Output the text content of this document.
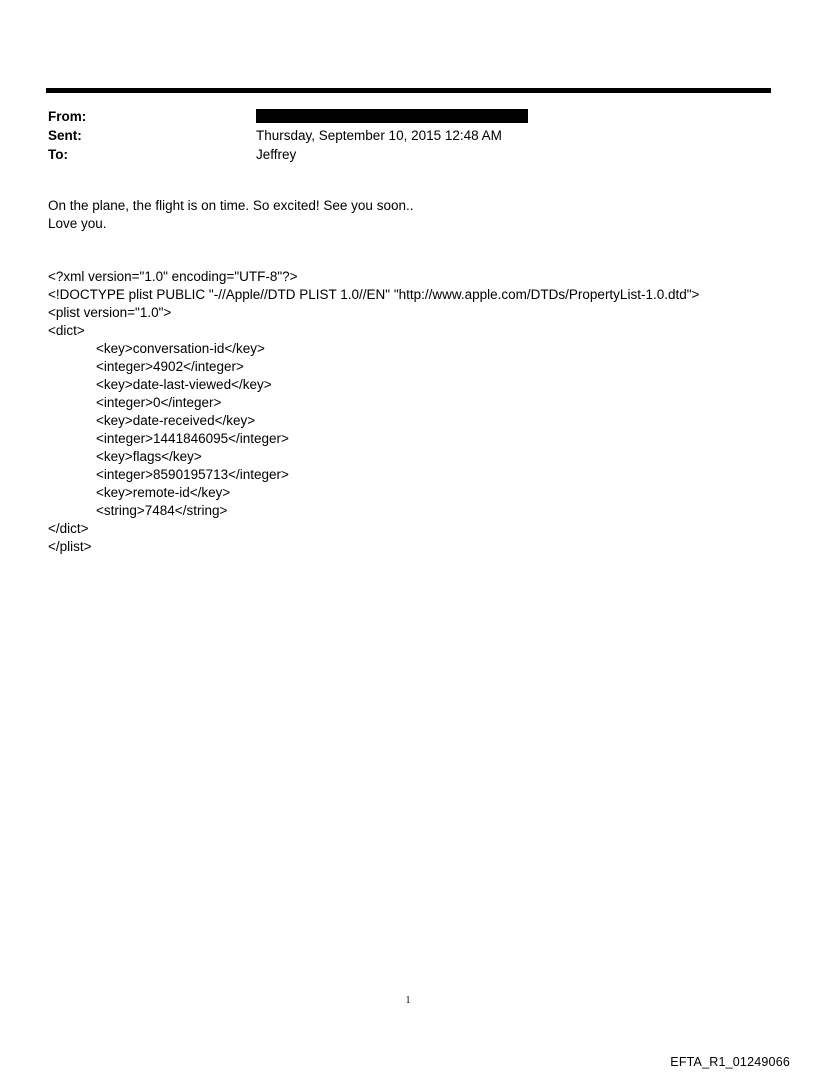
From:
Sent:	Thursday, September 10, 2015 12:48 AM
To:	Jeffrey
On the plane, the flight is on time. So excited! See you soon..
Love you.
<?xml version="1.0" encoding="UTF-8"?>
<!DOCTYPE plist PUBLIC "-//Apple//DTD PLIST 1.0//EN" "http://www.apple.com/DTDs/PropertyList-1.0.dtd">
<plist version="1.0">
<dict>
<key>conversation-id</key>
<integer>4902</integer>
<key>date-last-viewed</key>
<integer>0</integer>
<key>date-received</key>
<integer>1441846095</integer>
<key>flags</key>
<integer>8590195713</integer>
<key>remote-id</key>
<string>7484</string>
</dict>
</plist>
1
EFTA_R1_01249066
